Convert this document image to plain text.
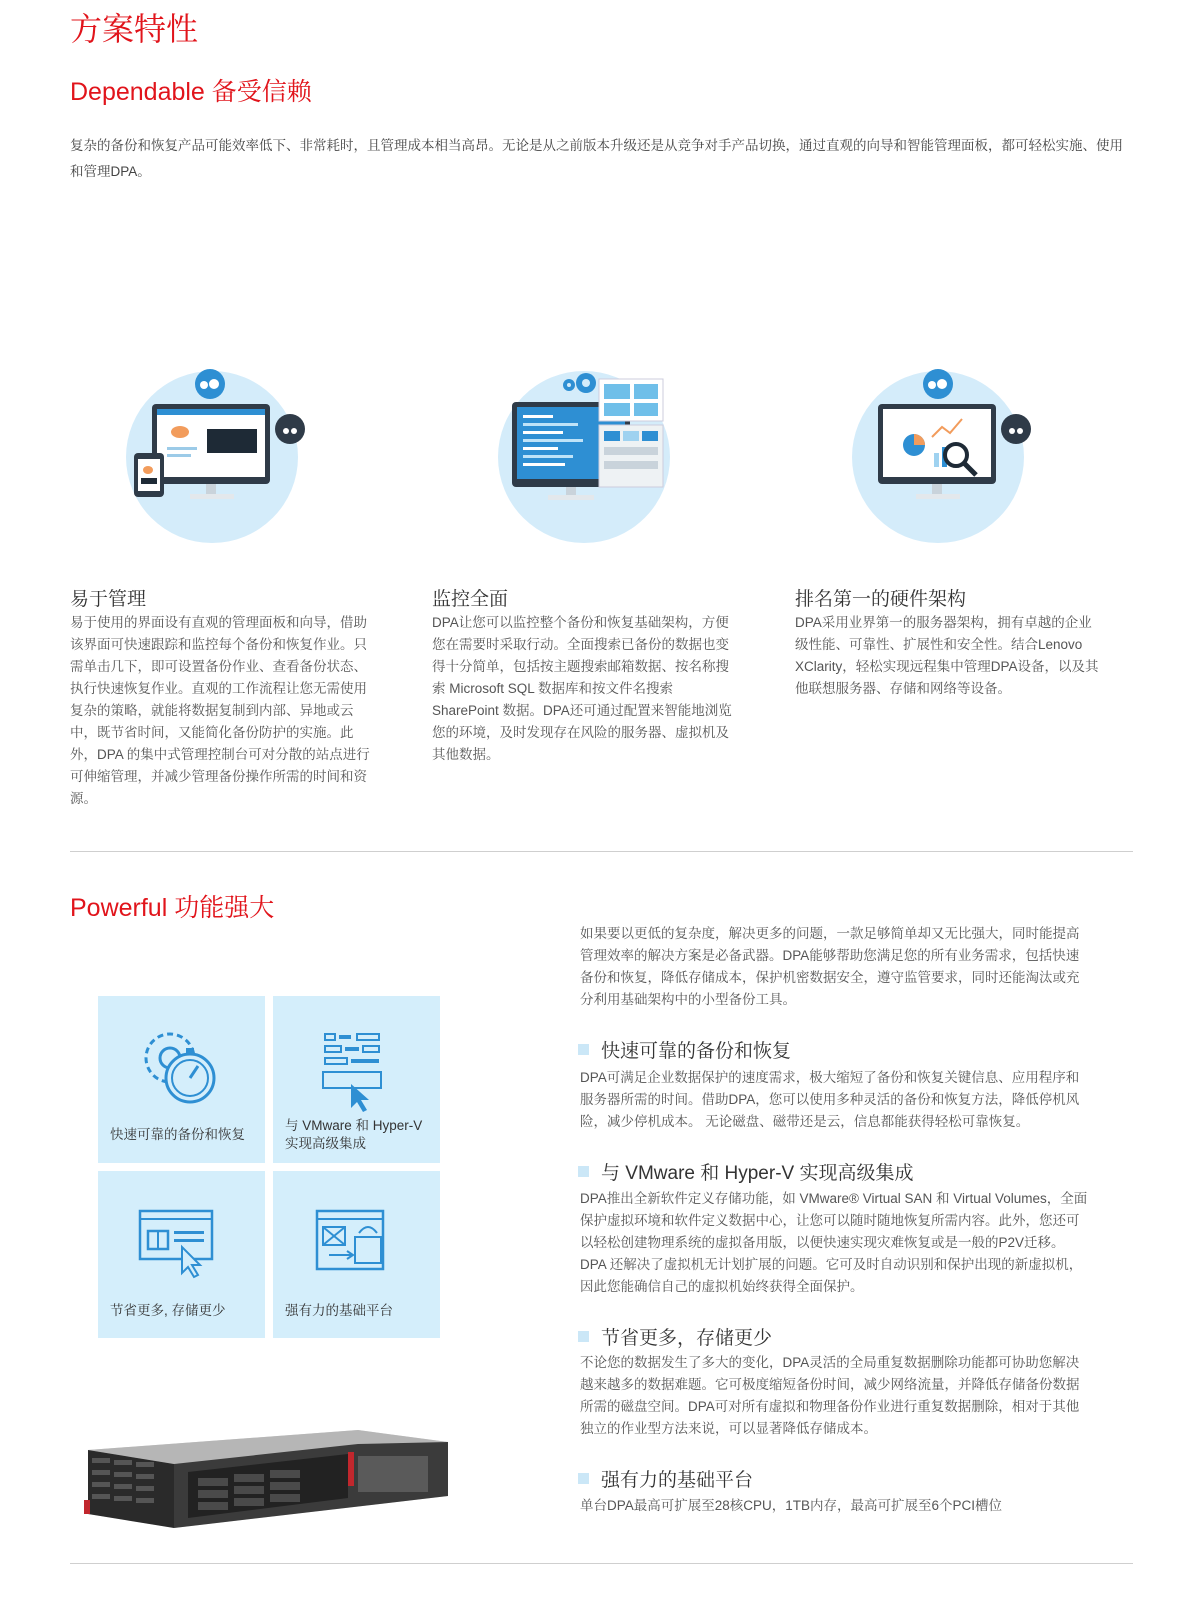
方案特性
Dependable 备受信赖

复杂的备份和恢复产品可能效率低下、非常耗时，且管理成本相当高昂。无论是从之前版本升级还是从竞争对手产品切换，通过直观的向导和智能管理面板，都可轻松实施、使用和管理DPA。

易于管理
易于使用的界面设有直观的管理面板和向导，借助该界面可快速跟踪和监控每个备份和恢复作业。只需单击几下，即可设置备份作业、查看备份状态、执行快速恢复作业。直观的工作流程让您无需使用复杂的策略，就能将数据复制到内部、异地或云中，既节省时间，又能简化备份防护的实施。此外，DPA 的集中式管理控制台可对分散的站点进行可伸缩管理，并减少管理备份操作所需的时间和资源。
监控全面
DPA让您可以监控整个备份和恢复基础架构，方便您在需要时采取行动。全面搜索已备份的数据也变得十分简单，包括按主题搜索邮箱数据、按名称搜索 Microsoft SQL 数据库和按文件名搜索 SharePoint 数据。DPA还可通过配置来智能地浏览您的环境，及时发现存在风险的服务器、虚拟机及其他数据。
排名第一的硬件架构
DPA采用业界第一的服务器架构，拥有卓越的企业级性能、可靠性、扩展性和安全性。结合Lenovo XClarity，轻松实现远程集中管理DPA设备，以及其他联想服务器、存储和网络等设备。
Powerful 功能强大
快速可靠的备份和恢复
与 VMware 和 Hyper-V 实现高级集成
节省更多, 存储更少	强有力的基础平台

如果要以更低的复杂度，解决更多的问题，一款足够简单却又无比强大，同时能提高管理效率的解决方案是必备武器。DPA能够帮助您满足您的所有业务需求，包括快速备份和恢复，降低存储成本，保护机密数据安全，遵守监管要求，同时还能淘汰或充分利用基础架构中的小型备份工具。

快速可靠的备份和恢复

DPA可满足企业数据保护的速度需求，极大缩短了备份和恢复关键信息、应用程序和服务器所需的时间。借助DPA，您可以使用多种灵活的备份和恢复方法，降低停机风险，减少停机成本。 无论磁盘、磁带还是云，信息都能获得轻松可靠恢复。

与 VMware 和 Hyper-V 实现高级集成

DPA推出全新软件定义存储功能，如 VMware® Virtual SAN 和 Virtual Volumes，全面保护虚拟环境和软件定义数据中心，让您可以随时随地恢复所需内容。此外，您还可以轻松创建物理系统的虚拟备用版，以便快速实现灾难恢复或是一般的P2V迁移。DPA 还解决了虚拟机无计划扩展的问题。它可及时自动识别和保护出现的新虚拟机，因此您能确信自己的虚拟机始终获得全面保护。

节省更多，存储更少

不论您的数据发生了多大的变化，DPA灵活的全局重复数据删除功能都可协助您解决越来越多的数据难题。它可极度缩短备份时间，减少网络流量，并降低存储备份数据所需的磁盘空间。DPA可对所有虚拟和物理备份作业进行重复数据删除，相对于其他独立的作业型方法来说，可以显著降低存储成本。

强有力的基础平台

单台DPA最高可扩展至28核CPU，1TB内存，最高可扩展至6个PCI槽位
